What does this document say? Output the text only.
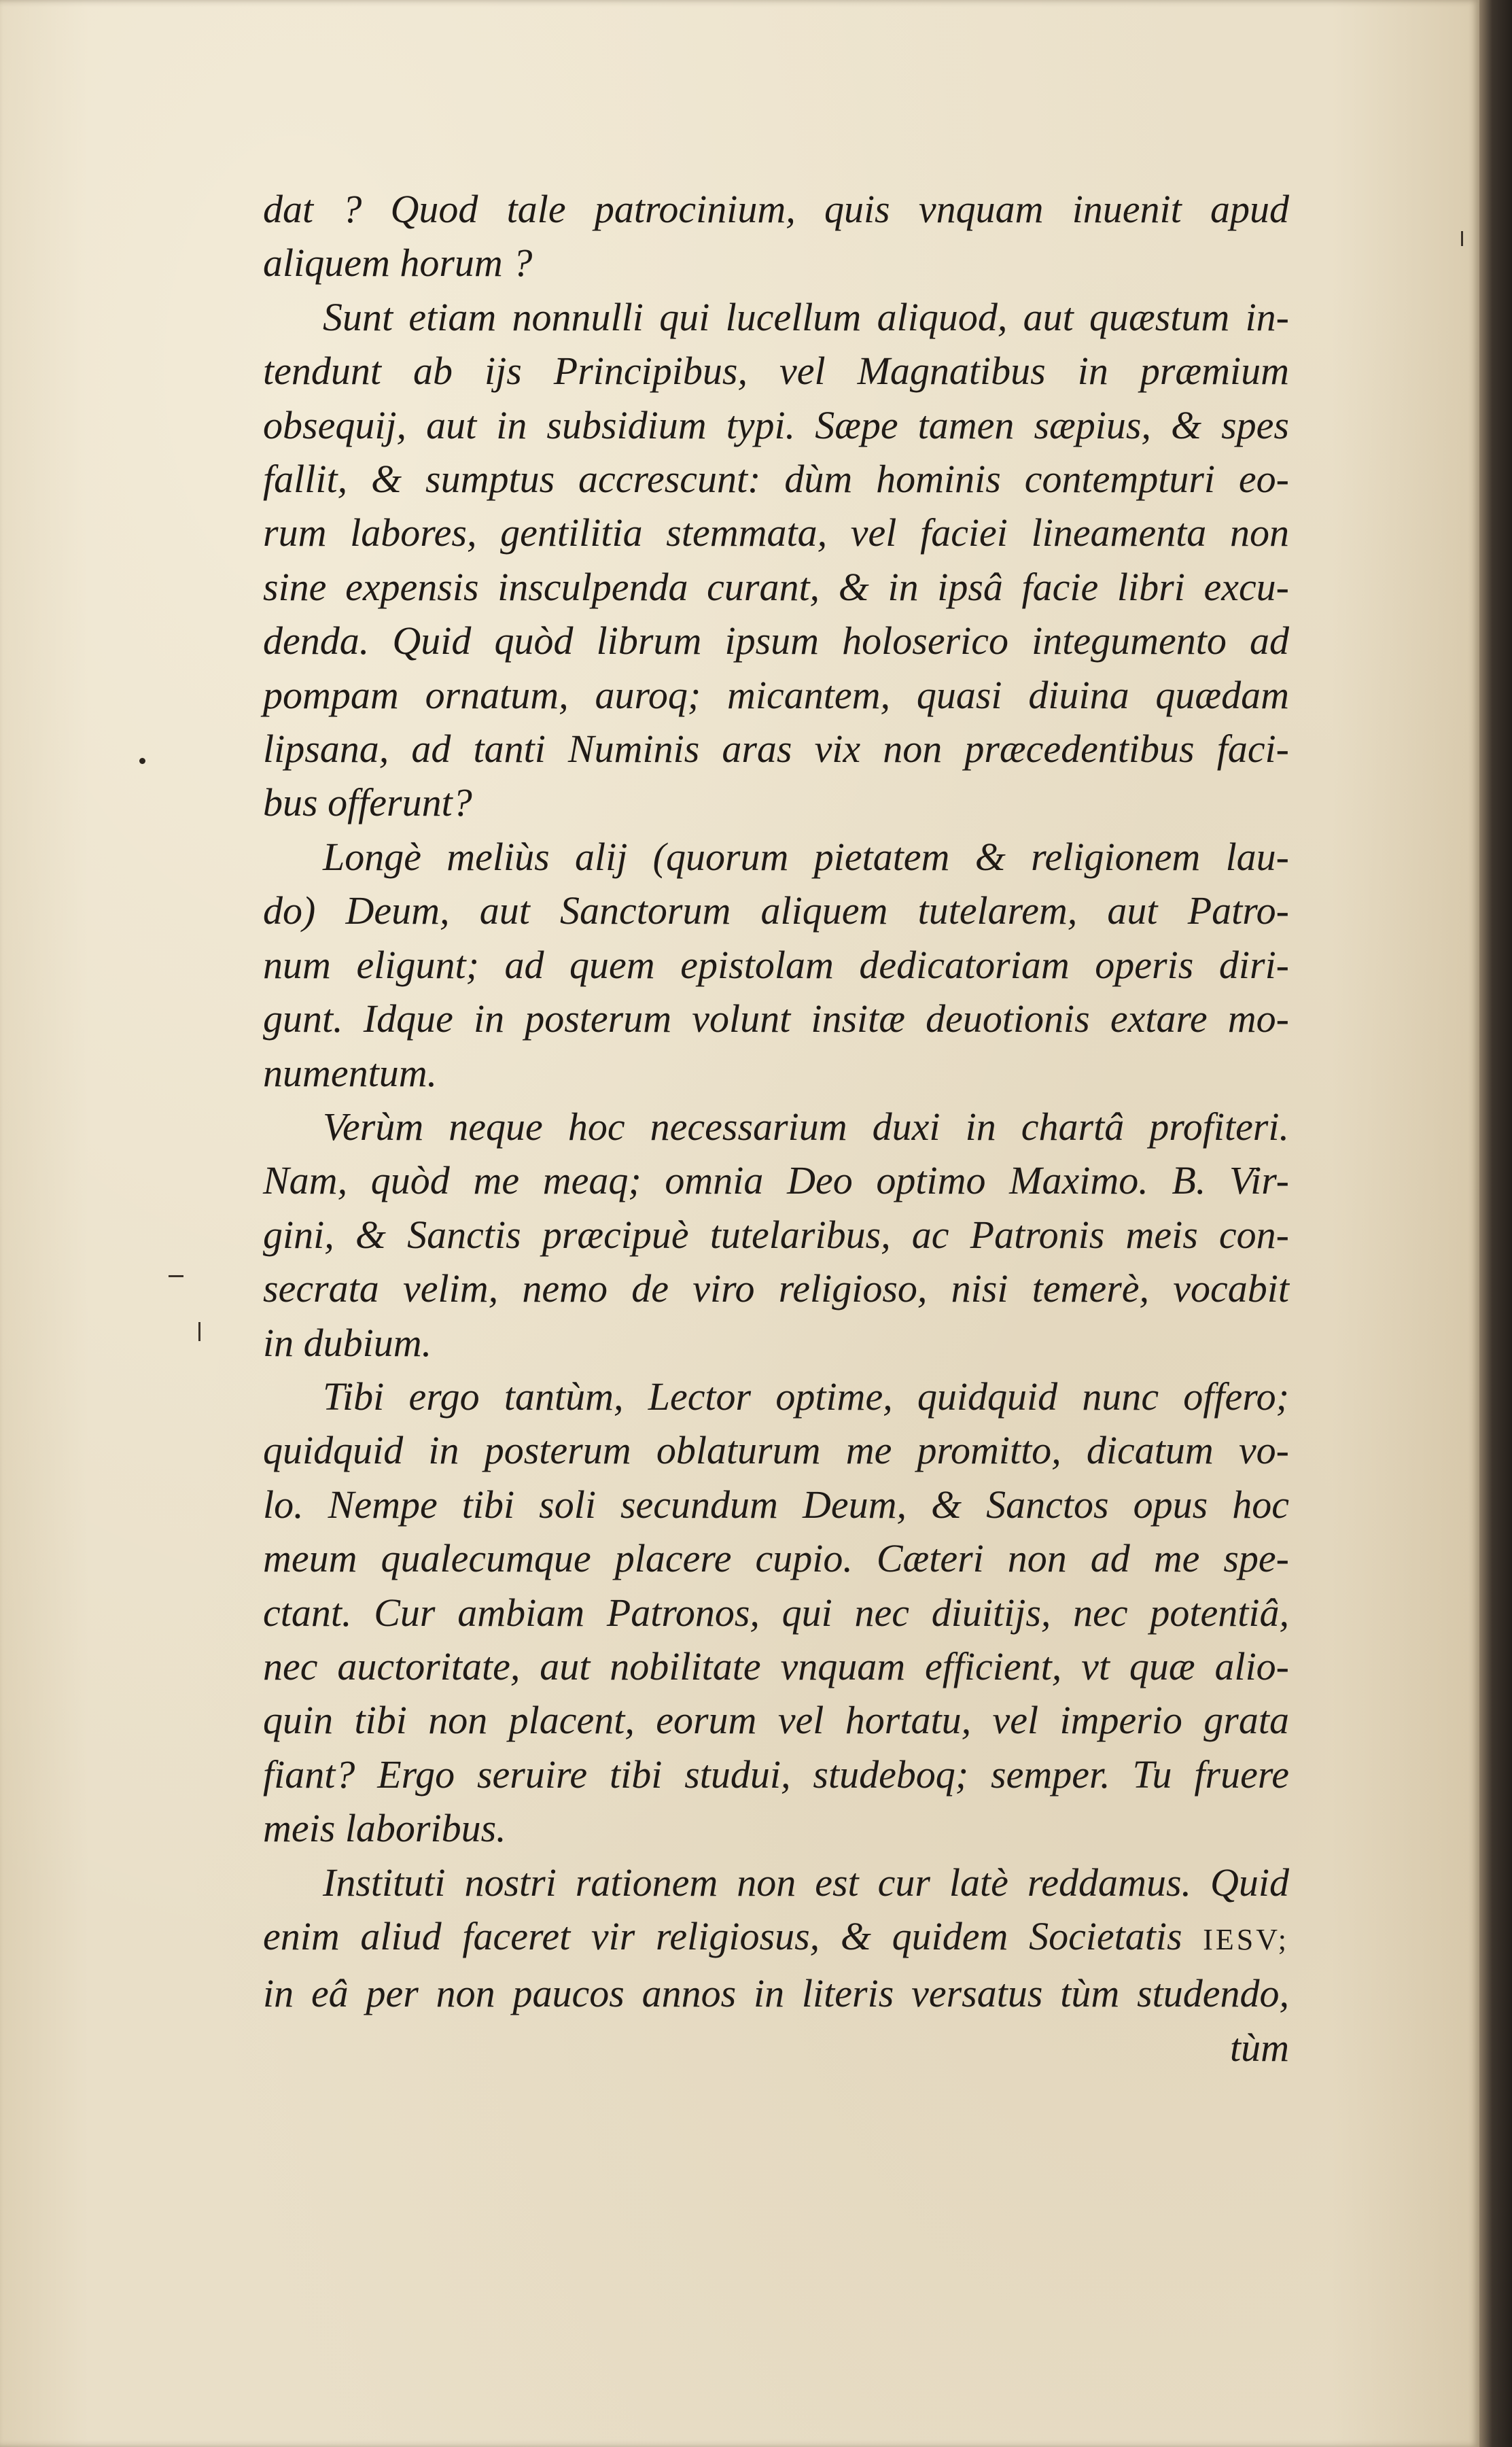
dat ? Quod tale patrocinium, quis vnquam inuenit apud
aliquem horum ?
Sunt etiam nonnulli qui lucellum aliquod, aut quæstum in-
tendunt ab ijs Principibus, vel Magnatibus in præmium
obsequij, aut in subsidium typi. Sæpe tamen sæpius, & spes
fallit, & sumptus accrescunt: dùm hominis contempturi eo-
rum labores, gentilitia stemmata, vel faciei lineamenta non
sine expensis insculpenda curant, & in ipsâ facie libri excu-
denda. Quid quòd librum ipsum holoserico integumento ad
pompam ornatum, auroq; micantem, quasi diuina quædam
lipsana, ad tanti Numinis aras vix non præcedentibus faci-
bus offerunt?
Longè meliùs alij (quorum pietatem & religionem lau-
do) Deum, aut Sanctorum aliquem tutelarem, aut Patro-
num eligunt; ad quem epistolam dedicatoriam operis diri-
gunt. Idque in posterum volunt insitæ deuotionis extare mo-
numentum.
Verùm neque hoc necessarium duxi in chartâ profiteri.
Nam, quòd me meaq; omnia Deo optimo Maximo. B. Vir-
gini, & Sanctis præcipuè tutelaribus, ac Patronis meis con-
secrata velim, nemo de viro religioso, nisi temerè, vocabit
in dubium.
Tibi ergo tantùm, Lector optime, quidquid nunc offero;
quidquid in posterum oblaturum me promitto, dicatum vo-
lo. Nempe tibi soli secundum Deum, & Sanctos opus hoc
meum qualecumque placere cupio. Cæteri non ad me spe-
ctant. Cur ambiam Patronos, qui nec diuitijs, nec potentiâ,
nec auctoritate, aut nobilitate vnquam efficient, vt quæ alio-
quin tibi non placent, eorum vel hortatu, vel imperio grata
fiant? Ergo seruire tibi studui, studeboq; semper. Tu fruere
meis laboribus.
Instituti nostri rationem non est cur latè reddamus. Quid
enim aliud faceret vir religiosus, & quidem Societatis IESV;
in eâ per non paucos annos in literis versatus tùm studendo,
tùm
